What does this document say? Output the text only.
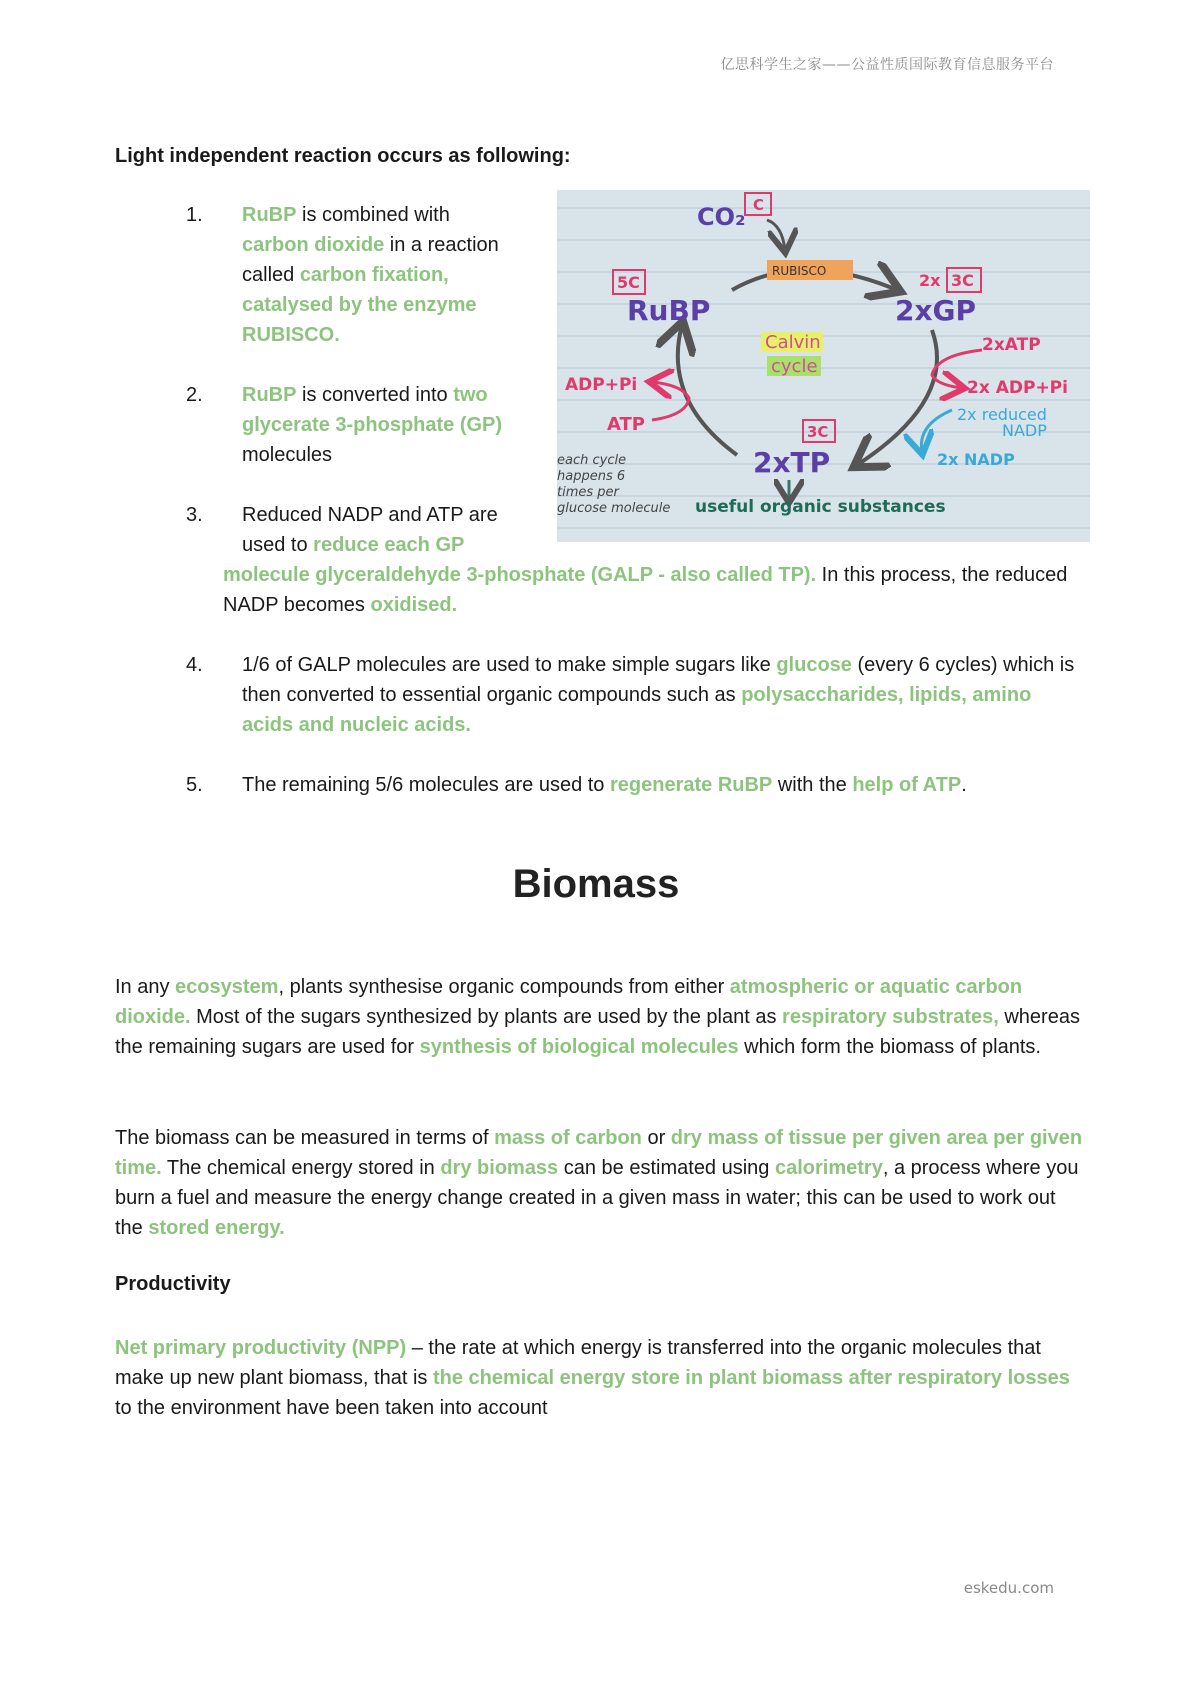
亿思科学生之家——公益性质国际教育信息服务平台
Light independent reaction occurs as following:
1.	RuBP is combined with carbon dioxide in a reaction called carbon fixation, catalysed by the enzyme RUBISCO.
2.	RuBP is converted into two glycerate 3-phosphate (GP) molecules
3.	Reduced NADP and ATP are used to reduce each GP
molecule glyceraldehyde 3-phosphate (GALP - also called TP). In this process, the reduced NADP becomes oxidised.
4.	1/6 of GALP molecules are used to make simple sugars like glucose (every 6 cycles) which is then converted to essential organic compounds such as polysaccharides, lipids, amino acids and nucleic acids.
5.	The remaining 5/6 molecules are used to regenerate RuBP with the help of ATP.
CO₂ C
RUBISCO
5C
RuBP
2x 3C
2xGP
Calvin
cycle
2xATP
2x ADP+Pi
ADP+Pi
ATP	3C
2xTP
2x reduced
NADP
2x NADP
each cycle
happens 6
times per
glucose molecule useful organic substances
Biomass

In any ecosystem, plants synthesise organic compounds from either atmospheric or aquatic carbon dioxide. Most of the sugars synthesized by plants are used by the plant as respiratory substrates, whereas the remaining sugars are used for synthesis of biological molecules which form the biomass of plants.

The biomass can be measured in terms of mass of carbon or dry mass of tissue per given area per given time. The chemical energy stored in dry biomass can be estimated using calorimetry, a process where you burn a fuel and measure the energy change created in a given mass in water; this can be used to work out the stored energy.

Productivity

Net primary productivity (NPP) – the rate at which energy is transferred into the organic molecules that make up new plant biomass, that is the chemical energy store in plant biomass after respiratory losses to the environment have been taken into account

eskedu.com
